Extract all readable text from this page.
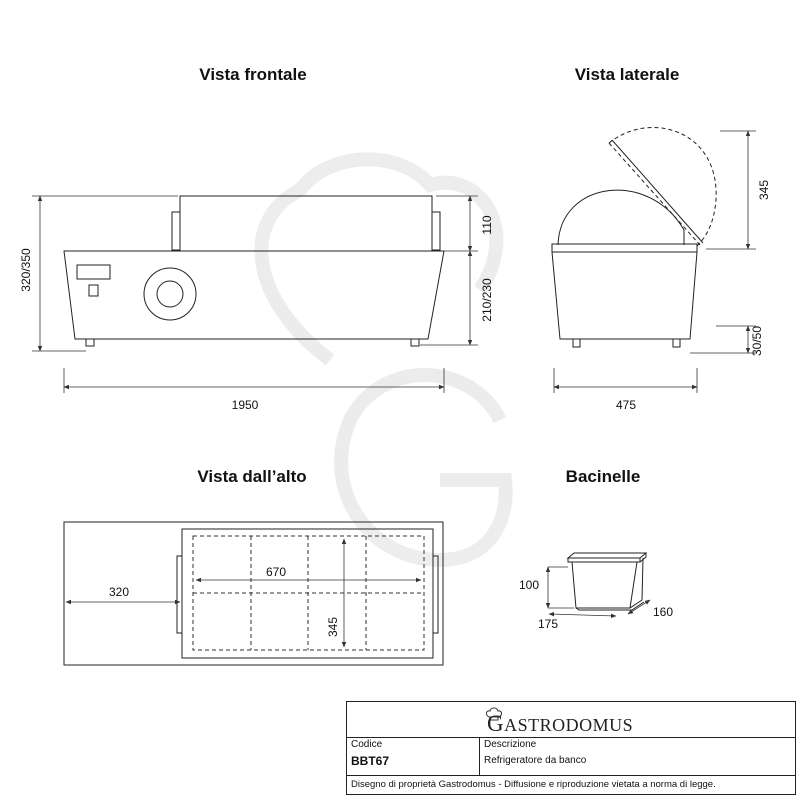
Vista frontale	Vista laterale
Vista dall’alto	Bacinelle
320/350
110
210/230
1950
345
30/50
475
670
345
320	100
175
160
GASTRODOMUS
Codice
BBT67
Descrizione
Refrigeratore da banco
Disegno di proprietà Gastrodomus - Diffusione e riproduzione vietata a norma di legge.
